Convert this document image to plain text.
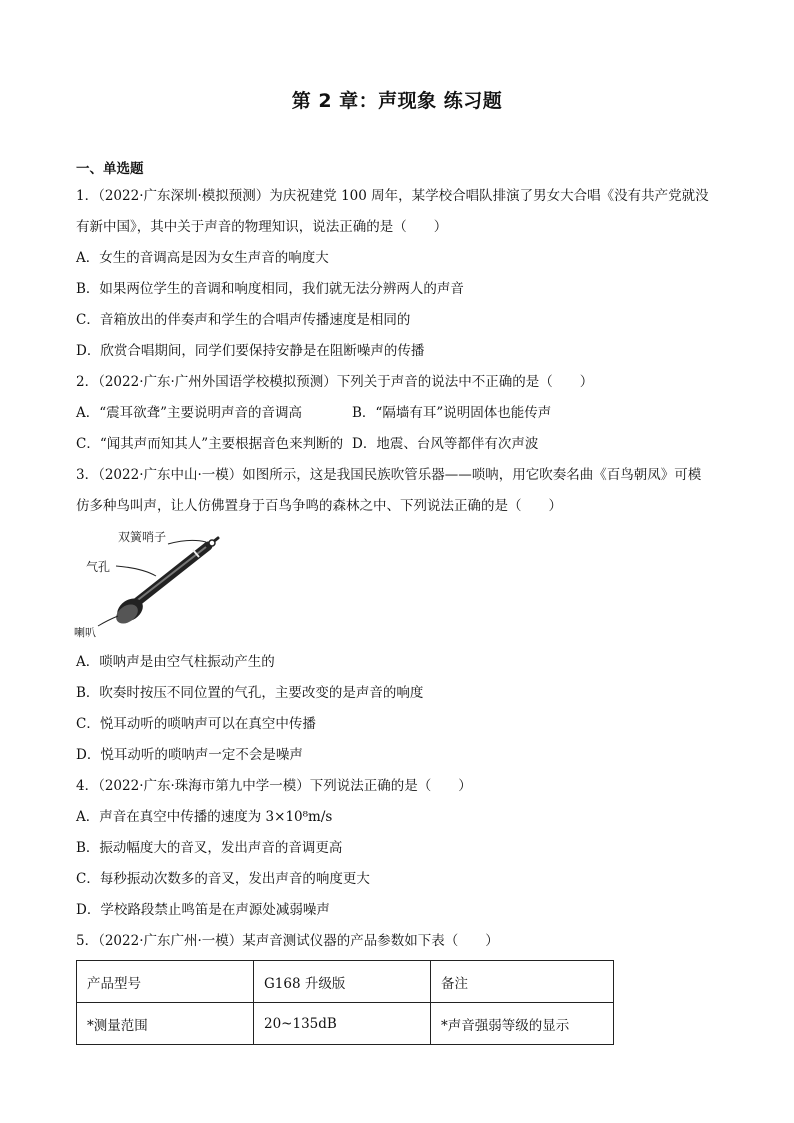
第 2 章：声现象 练习题
一、单选题
1．（2022·广东深圳·模拟预测）为庆祝建党 100 周年，某学校合唱队排演了男女大合唱《没有共产党就没
有新中国》，其中关于声音的物理知识，说法正确的是（　　）
A．女生的音调高是因为女生声音的响度大
B．如果两位学生的音调和响度相同，我们就无法分辨两人的声音
C．音箱放出的伴奏声和学生的合唱声传播速度是相同的
D．欣赏合唱期间，同学们要保持安静是在阻断噪声的传播
2．（2022·广东·广州外国语学校模拟预测）下列关于声音的说法中不正确的是（　　）
A．“震耳欲聋”主要说明声音的音调高	B．“隔墙有耳”说明固体也能传声
C．“闻其声而知其人”主要根据音色来判断的 D．地震、台风等都伴有次声波
3．（2022·广东中山·一模）如图所示，这是我国民族吹管乐器——唢呐，用它吹奏名曲《百鸟朝凤》可模
仿多种鸟叫声，让人仿佛置身于百鸟争鸣的森林之中、下列说法正确的是（　　）
双簧哨子
气孔
喇叭
A．唢呐声是由空气柱振动产生的
B．吹奏时按压不同位置的气孔，主要改变的是声音的响度
C．悦耳动听的唢呐声可以在真空中传播
D．悦耳动听的唢呐声一定不会是噪声
4．（2022·广东·珠海市第九中学一模）下列说法正确的是（　　）
A．声音在真空中传播的速度为 3×10⁸m/s
B．振动幅度大的音叉，发出声音的音调更高
C．每秒振动次数多的音叉，发出声音的响度更大
D．学校路段禁止鸣笛是在声源处减弱噪声
5．（2022·广东广州·一模）某声音测试仪器的产品参数如下表（　　）
产品型号	G168 升级版	备注
*测量范围	20~135dB	*声音强弱等级的显示
